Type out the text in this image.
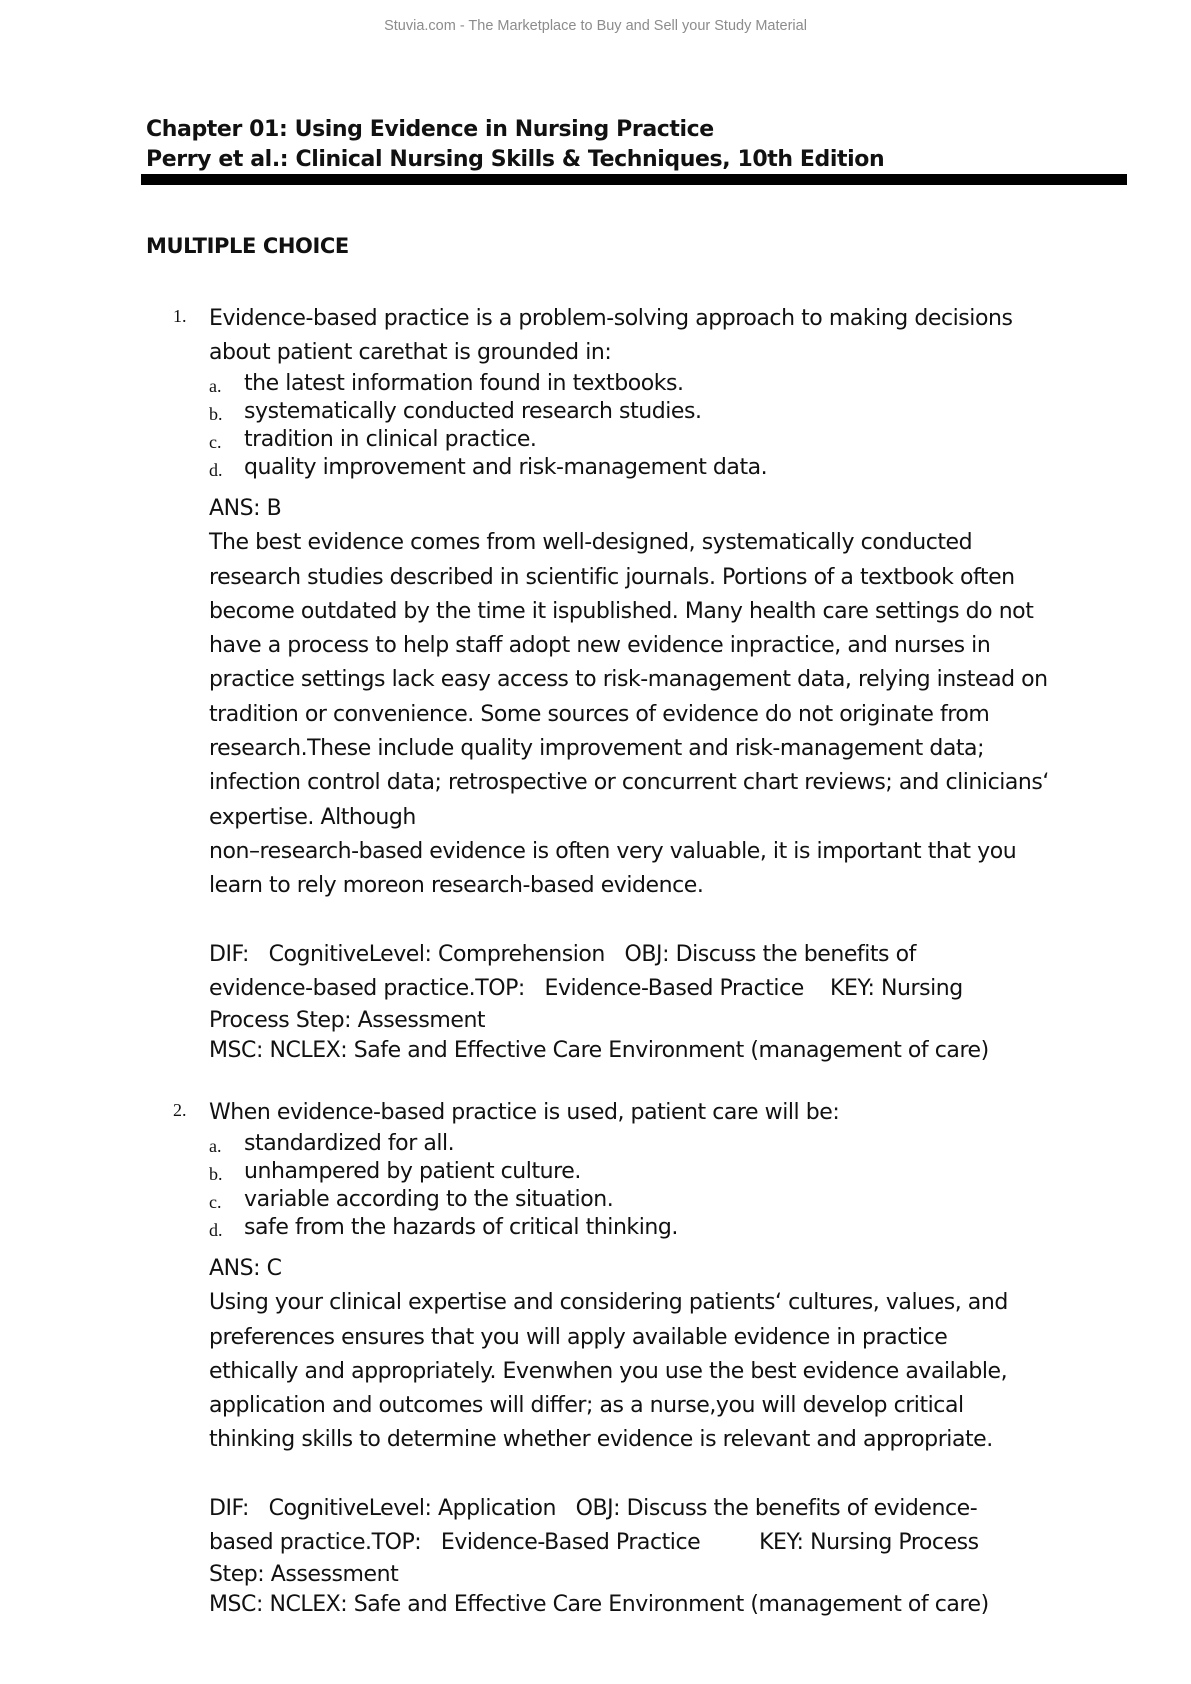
Stuvia.com - The Marketplace to Buy and Sell your Study Material
Chapter 01: Using Evidence in Nursing Practice
Perry et al.: Clinical Nursing Skills & Techniques, 10th Edition
MULTIPLE CHOICE
1. Evidence-based practice is a problem-solving approach to making decisions
about patient carethat is grounded in:
a. the latest information found in textbooks.
b. systematically conducted research studies.
c. tradition in clinical practice.
d. quality improvement and risk-management data.
ANS: B
The best evidence comes from well-designed, systematically conducted
research studies described in scientific journals. Portions of a textbook often
become outdated by the time it ispublished. Many health care settings do not
have a process to help staff adopt new evidence inpractice, and nurses in
practice settings lack easy access to risk-management data, relying instead on
tradition or convenience. Some sources of evidence do not originate from
research.These include quality improvement and risk-management data;
infection control data; retrospective or concurrent chart reviews; and clinicians‘
expertise. Although
non–research-based evidence is often very valuable, it is important that you
learn to rely moreon research-based evidence.
DIF:   CognitiveLevel: Comprehension   OBJ: Discuss the benefits of
evidence-based practice.TOP:   Evidence-Based Practice    KEY: Nursing
Process Step: Assessment
MSC: NCLEX: Safe and Effective Care Environment (management of care)
2. When evidence-based practice is used, patient care will be:
a. standardized for all.
b. unhampered by patient culture.
c. variable according to the situation.
d. safe from the hazards of critical thinking.
ANS: C
Using your clinical expertise and considering patients‘ cultures, values, and
preferences ensures that you will apply available evidence in practice
ethically and appropriately. Evenwhen you use the best evidence available,
application and outcomes will differ; as a nurse,you will develop critical
thinking skills to determine whether evidence is relevant and appropriate.
DIF:   CognitiveLevel: Application   OBJ: Discuss the benefits of evidence-
based practice.TOP:   Evidence-Based Practice         KEY: Nursing Process
Step: Assessment
MSC: NCLEX: Safe and Effective Care Environment (management of care)
